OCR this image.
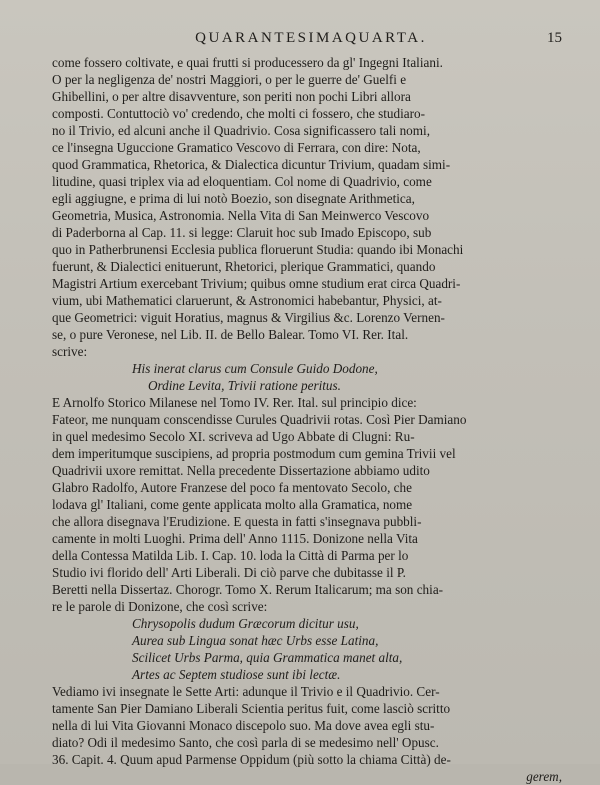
QUARANTESIMAQUARTA.	15
come fossero coltivate, e quai frutti si producessero da gl' Ingegni Italiani.
O per la negligenza de' nostri Maggiori, o per le guerre de' Guelfi e
Ghibellini, o per altre disavventure, son periti non pochi Libri allora
composti. Contuttociò vo' credendo, che molti ci fossero, che studiaro-
no il Trivio, ed alcuni anche il Quadrivio. Cosa significassero tali nomi,
ce l'insegna Uguccione Gramatico Vescovo di Ferrara, con dire: Nota,
quod Grammatica, Rhetorica, & Dialectica dicuntur Trivium, quadam simi-
litudine, quasi triplex via ad eloquentiam. Col nome di Quadrivio, come
egli aggiugne, e prima di lui notò Boezio, son disegnate Arithmetica,
Geometria, Musica, Astronomia. Nella Vita di San Meinwerco Vescovo
di Paderborna al Cap. 11. si legge: Claruit hoc sub Imado Episcopo, sub
quo in Patherbrunensi Ecclesia publica floruerunt Studia: quando ibi Monachi
fuerunt, & Dialectici enituerunt, Rhetorici, plerique Grammatici, quando
Magistri Artium exercebant Trivium; quibus omne studium erat circa Quadri-
vium, ubi Mathematici claruerunt, & Astronomici habebantur, Physici, at-
que Geometrici: viguit Horatius, magnus & Virgilius &c. Lorenzo Vernen-
se, o pure Veronese, nel Lib. II. de Bello Balear. Tomo VI. Rer. Ital.
scrive:
His inerat clarus cum Consule Guido Dodone,
Ordine Levita, Trivii ratione peritus.
E Arnolfo Storico Milanese nel Tomo IV. Rer. Ital. sul principio dice:
Fateor, me nunquam conscendisse Curules Quadrivii rotas. Così Pier Damiano
in quel medesimo Secolo XI. scriveva ad Ugo Abbate di Clugni: Ru-
dem imperitumque suscipiens, ad propria postmodum cum gemina Trivii vel
Quadrivii uxore remittat. Nella precedente Dissertazione abbiamo udito
Glabro Radolfo, Autore Franzese del poco fa mentovato Secolo, che
lodava gl' Italiani, come gente applicata molto alla Gramatica, nome
che allora disegnava l'Erudizione. E questa in fatti s'insegnava pubbli-
camente in molti Luoghi. Prima dell' Anno 1115. Donizone nella Vita
della Contessa Matilda Lib. I. Cap. 10. loda la Città di Parma per lo
Studio ivi florido dell' Arti Liberali. Di ciò parve che dubitasse il P.
Beretti nella Dissertaz. Chorogr. Tomo X. Rerum Italicarum; ma son chia-
re le parole di Donizone, che così scrive:
Chrysopolis dudum Græcorum dicitur usu,
Aurea sub Lingua sonat hæc Urbs esse Latina,
Scilicet Urbs Parma, quia Grammatica manet alta,
Artes ac Septem studiose sunt ibi lectæ.
Vediamo ivi insegnate le Sette Arti: adunque il Trivio e il Quadrivio. Cer-
tamente San Pier Damiano Liberali Scientia peritus fuit, come lasciò scritto
nella di lui Vita Giovanni Monaco discepolo suo. Ma dove avea egli stu-
diato? Odi il medesimo Santo, che così parla di se medesimo nell' Opusc.
36. Capit. 4. Quum apud Parmense Oppidum (più sotto la chiama Città) de-
gerem,
